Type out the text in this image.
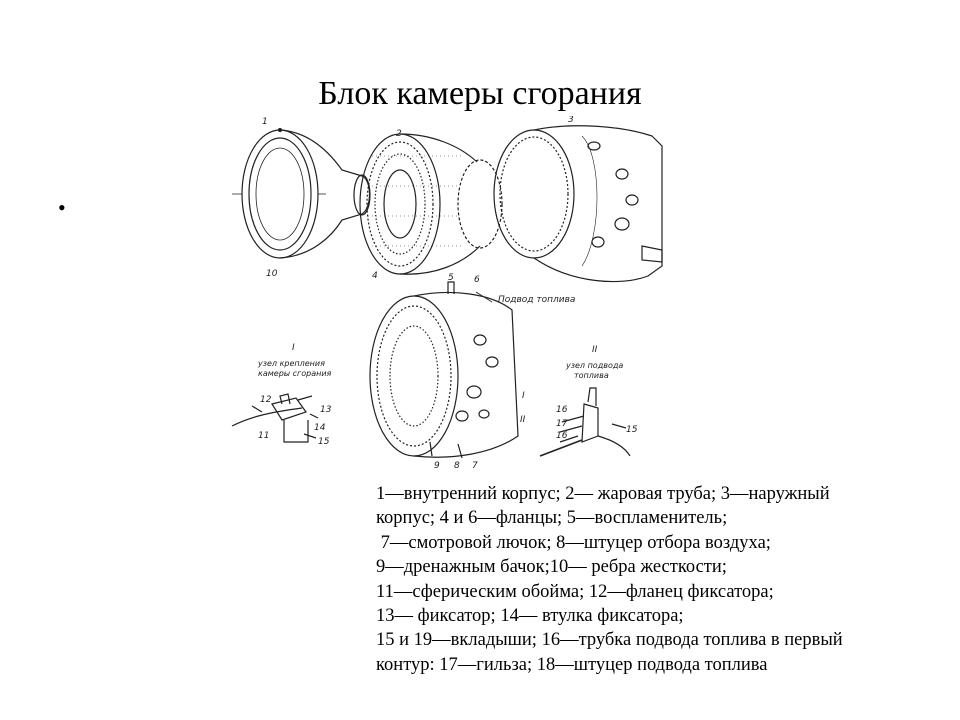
Блок камеры сгорания
•
1
10
2
3
4	5 6
9 8 7
I
II
Подвод топлива
I
узел крепления
камеры сгорания
12
13
14
11
15
II
узел подвода
топлива
16
17
16
15
1—внутренний корпус; 2— жаровая труба; 3—наружный
корпус; 4 и 6—фланцы; 5—воспламенитель;
7—смотровой лючок; 8—штуцер отбора воздуха;
9—дренажным бачок;10— ребра жесткости;
11—сферическим обойма; 12—фланец фиксатора;
13— фиксатор; 14— втулка фиксатора;
15 и 19—вкладыши; 16—трубка подвода топлива в первый
контур: 17—гильза; 18—штуцер подвода топлива
